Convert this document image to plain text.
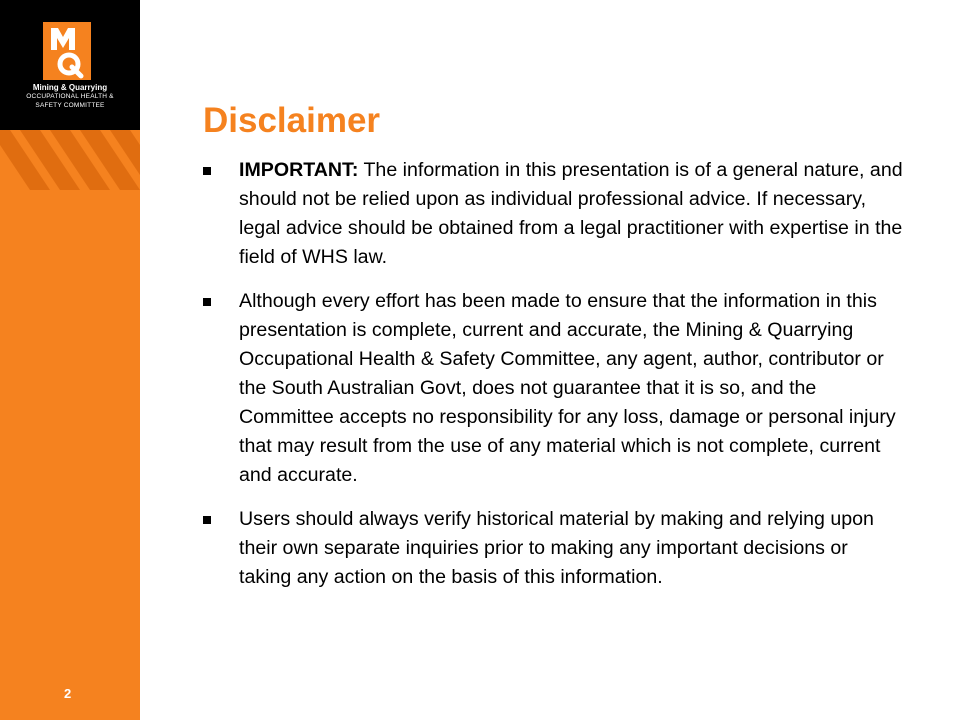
Mining & Quarrying
OCCUPATIONAL HEALTH &
SAFETY COMMITTEE
2
Disclaimer
IMPORTANT: The information in this presentation is of a general nature, and should not be relied upon as individual professional advice. If necessary, legal advice should be obtained from a legal practitioner with expertise in the field of WHS law.
Although every effort has been made to ensure that the information in this presentation is complete, current and accurate, the Mining & Quarrying Occupational Health & Safety Committee, any agent, author, contributor or the South Australian Govt, does not guarantee that it is so, and the Committee accepts no responsibility for any loss, damage or personal injury that may result from the use of any material which is not complete, current and accurate.
Users should always verify historical material by making and relying upon their own separate inquiries prior to making any important decisions or taking any action on the basis of this information.
